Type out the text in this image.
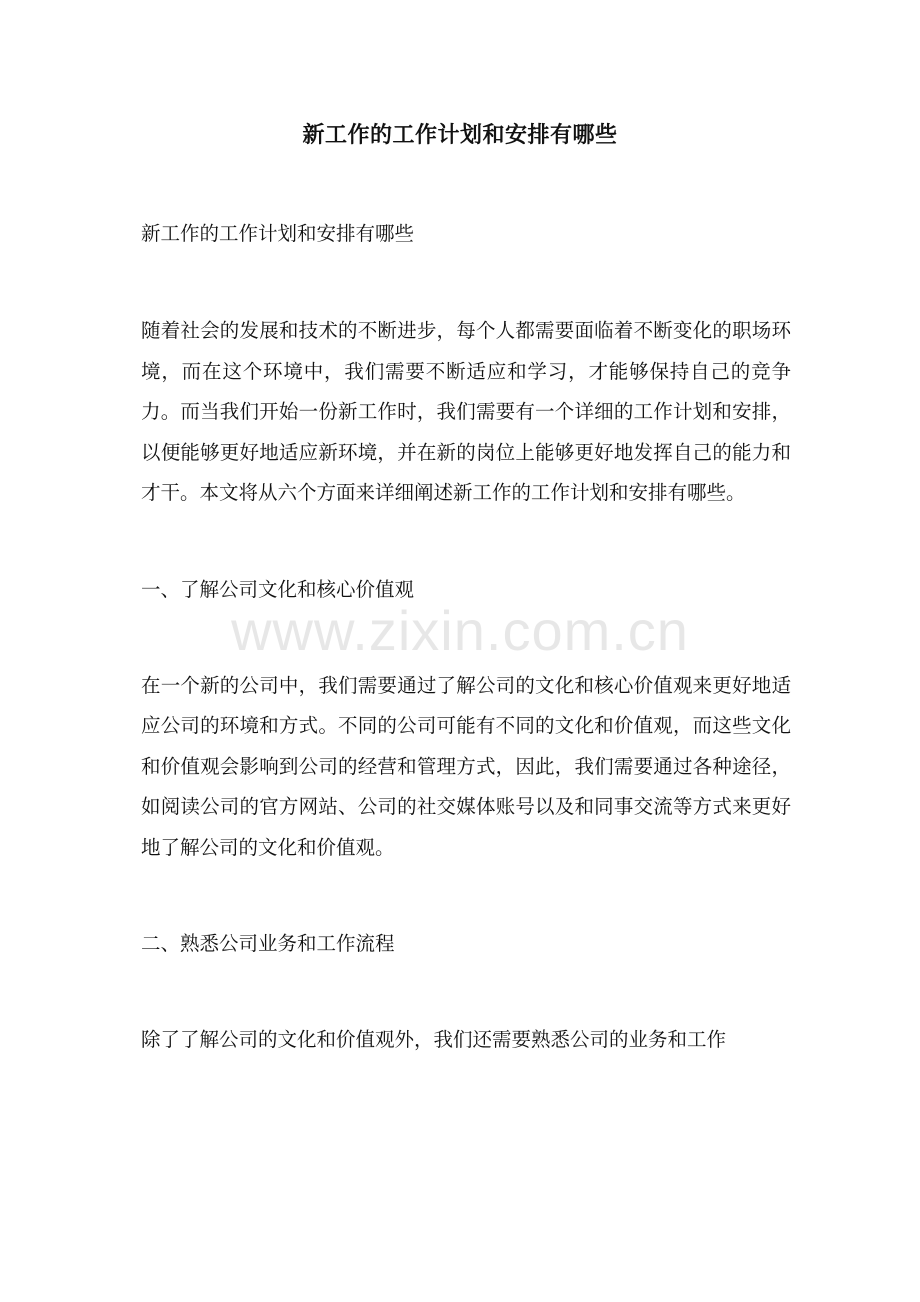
新工作的工作计划和安排有哪些

新工作的工作计划和安排有哪些

随着社会的发展和技术的不断进步，每个人都需要面临着不断变化的职场环境，而在这个环境中，我们需要不断适应和学习，才能够保持自己的竞争力。而当我们开始一份新工作时，我们需要有一个详细的工作计划和安排，以便能够更好地适应新环境，并在新的岗位上能够更好地发挥自己的能力和才干。本文将从六个方面来详细阐述新工作的工作计划和安排有哪些。

一、了解公司文化和核心价值观

在一个新的公司中，我们需要通过了解公司的文化和核心价值观来更好地适应公司的环境和方式。不同的公司可能有不同的文化和价值观，而这些文化和价值观会影响到公司的经营和管理方式，因此，我们需要通过各种途径，如阅读公司的官方网站、公司的社交媒体账号以及和同事交流等方式来更好地了解公司的文化和价值观。

二、熟悉公司业务和工作流程

除了了解公司的文化和价值观外，我们还需要熟悉公司的业务和工作

www.zixin.com.cn
